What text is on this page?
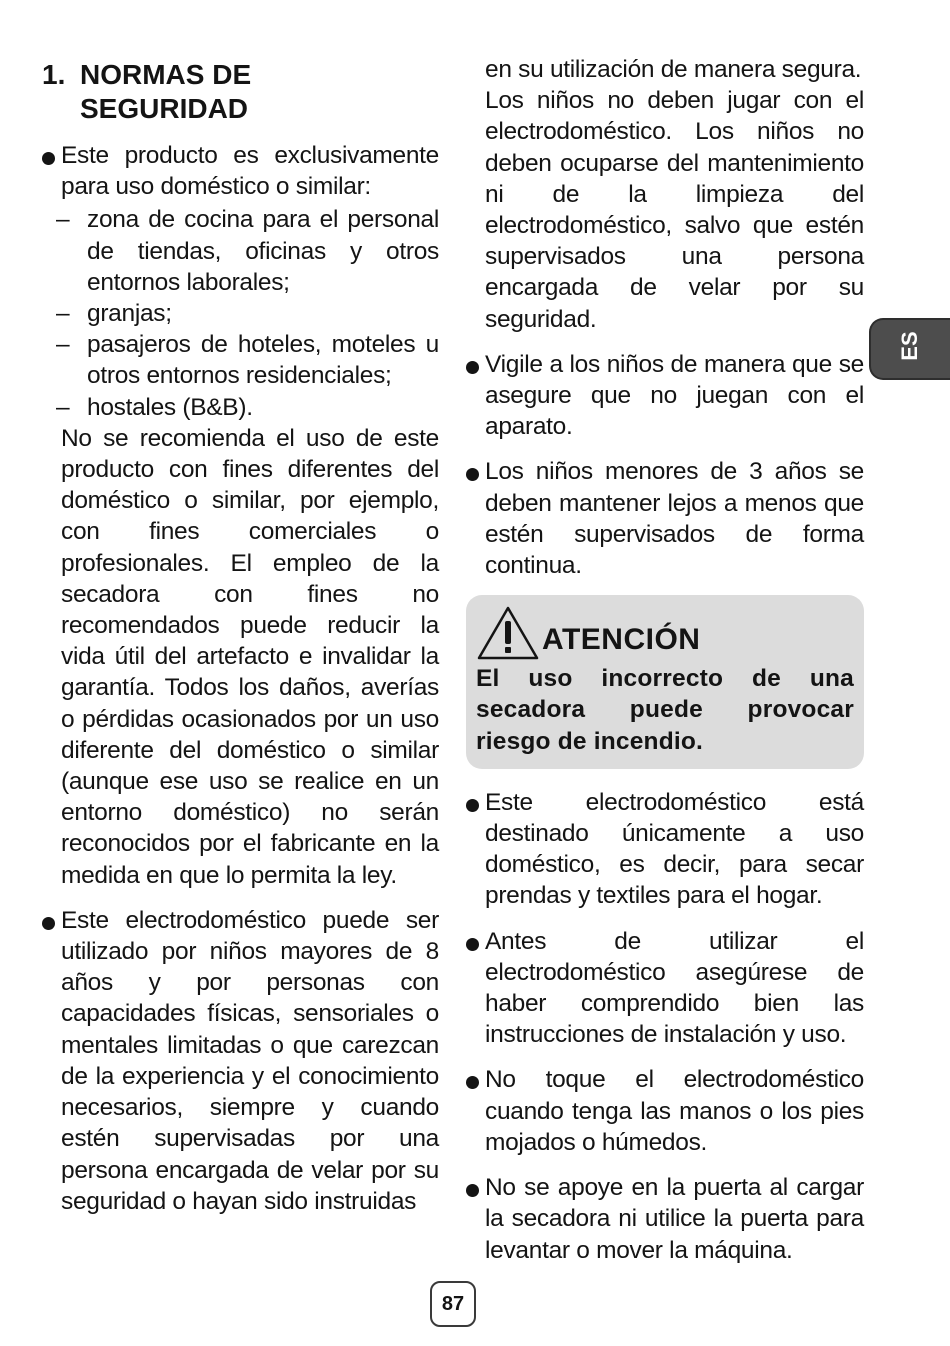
1. NORMAS DE
SEGURIDAD

Este producto es exclusivamente para uso doméstico o similar:

– zona de cocina para el personal de tiendas, oficinas y otros entornos laborales;
– granjas;
– pasajeros de hoteles, moteles u otros entornos residenciales;
– hostales (B&B).

No se recomienda el uso de este producto con fines diferentes del doméstico o similar, por ejemplo, con fines comerciales o profesionales. El empleo de la secadora con fines no recomendados puede reducir la vida útil del artefacto e invalidar la garantía. Todos los daños, averías o pérdidas ocasionados por un uso diferente del doméstico o similar (aunque ese uso se realice en un entorno doméstico) no serán reconocidos por el fabricante en la medida en que lo permita la ley.

Este electrodoméstico puede ser utilizado por niños mayores de 8 años y por personas con capacidades físicas, sensoriales o mentales limitadas o que carezcan de la experiencia y el conocimiento necesarios, siempre y cuando estén supervisadas por una persona encargada de velar por su seguridad o hayan sido instruidas

en su utilización de manera segura.

Los niños no deben jugar con el electrodoméstico. Los niños no deben ocuparse del mantenimiento ni de la limpieza del electrodoméstico, salvo que estén supervisados una persona encargada de velar por su seguridad.

Vigile a los niños de manera que se asegure que no juegan con el aparato.

Los niños menores de 3 años se deben mantener lejos a menos que estén supervisados de forma continua.

ATENCIÓN

El uso incorrecto de una secadora puede provocar riesgo de incendio.

Este electrodoméstico está destinado únicamente a uso doméstico, es decir, para secar prendas y textiles para el hogar.

Antes de utilizar el electrodoméstico asegúrese de haber comprendido bien las instrucciones de instalación y uso.

No toque el electrodoméstico cuando tenga las manos o los pies mojados o húmedos.

No se apoye en la puerta al cargar la secadora ni utilice la puerta para levantar o mover la máquina.

ES
87
